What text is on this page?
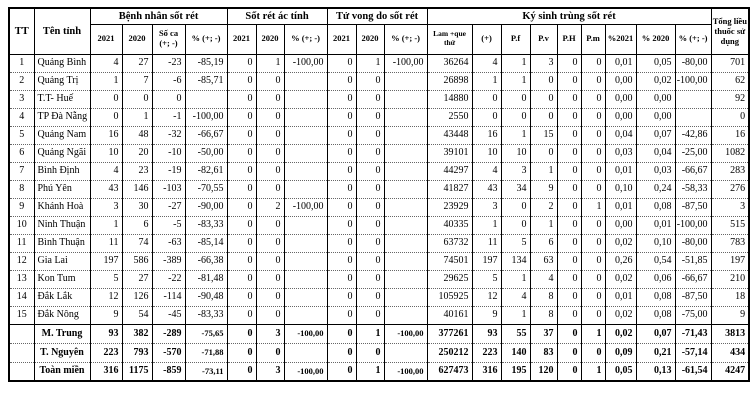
TT	Tên tỉnh	Bệnh nhân sốt rét				Sốt rét ác tính			Tử vong do sốt rét			Ký sinh trùng sốt rét									Tổng liều thuốc sử dụng
		2021	2020	Số ca (+; -)	% (+; -)	2021	2020	% (+; -)	2021	2020	% (+; -)	Lam +que thử	(+)	P.f	P.v	P.H	P.m	%2021	% 2020	% (+; -)	
1	Quảng Bình	4	27	-23	-85,19	0	1	-100,00	0	1	-100,00	36264	4	1	3	0	0	0,01	0,05	-80,00	701
2	Quảng Trị	1	7	-6	-85,71	0	0		0	0		26898	1	1	0	0	0	0,00	0,02	-100,00	62
3	T.T- Huế	0	0	0		0	0		0	0		14880	0	0	0	0	0	0,00	0,00		92
4	TP Đà Nẵng	0	1	-1	-100,00	0	0		0	0		2550	0	0	0	0	0	0,00	0,00		0
5	Quảng Nam	16	48	-32	-66,67	0	0		0	0		43448	16	1	15	0	0	0,04	0,07	-42,86	16
6	Quảng Ngãi	10	20	-10	-50,00	0	0		0	0		39101	10	10	0	0	0	0,03	0,04	-25,00	1082
7	Bình Định	4	23	-19	-82,61	0	0		0	0		44297	4	3	1	0	0	0,01	0,03	-66,67	283
8	Phú Yên	43	146	-103	-70,55	0	0		0	0		41827	43	34	9	0	0	0,10	0,24	-58,33	276
9	Khánh Hoà	3	30	-27	-90,00	0	2	-100,00	0	0		23929	3	0	2	0	1	0,01	0,08	-87,50	3
10	Ninh Thuận	1	6	-5	-83,33	0	0		0	0		40335	1	0	1	0	0	0,00	0,01	-100,00	515
11	Bình Thuận	11	74	-63	-85,14	0	0		0	0		63732	11	5	6	0	0	0,02	0,10	-80,00	783
12	Gia Lai	197	586	-389	-66,38	0	0		0	0		74501	197	134	63	0	0	0,26	0,54	-51,85	197
13	Kon Tum	5	27	-22	-81,48	0	0		0	0		29625	5	1	4	0	0	0,02	0,06	-66,67	210
14	Đắk Lắk	12	126	-114	-90,48	0	0		0	0		105925	12	4	8	0	0	0,01	0,08	-87,50	18
15	Đắk Nông	9	54	-45	-83,33	0	0		0	0		40161	9	1	8	0	0	0,02	0,08	-75,00	9
	M. Trung	93	382	-289	-75,65	0	3	-100,00	0	1	-100,00	377261	93	55	37	0	1	0,02	0,07	-71,43	3813
	T. Nguyên	223	793	-570	-71,88	0	0		0	0		250212	223	140	83	0	0	0,09	0,21	-57,14	434
	Toàn miền	316	1175	-859	-73,11	0	3	-100,00	0	1	-100,00	627473	316	195	120	0	1	0,05	0,13	-61,54	4247
